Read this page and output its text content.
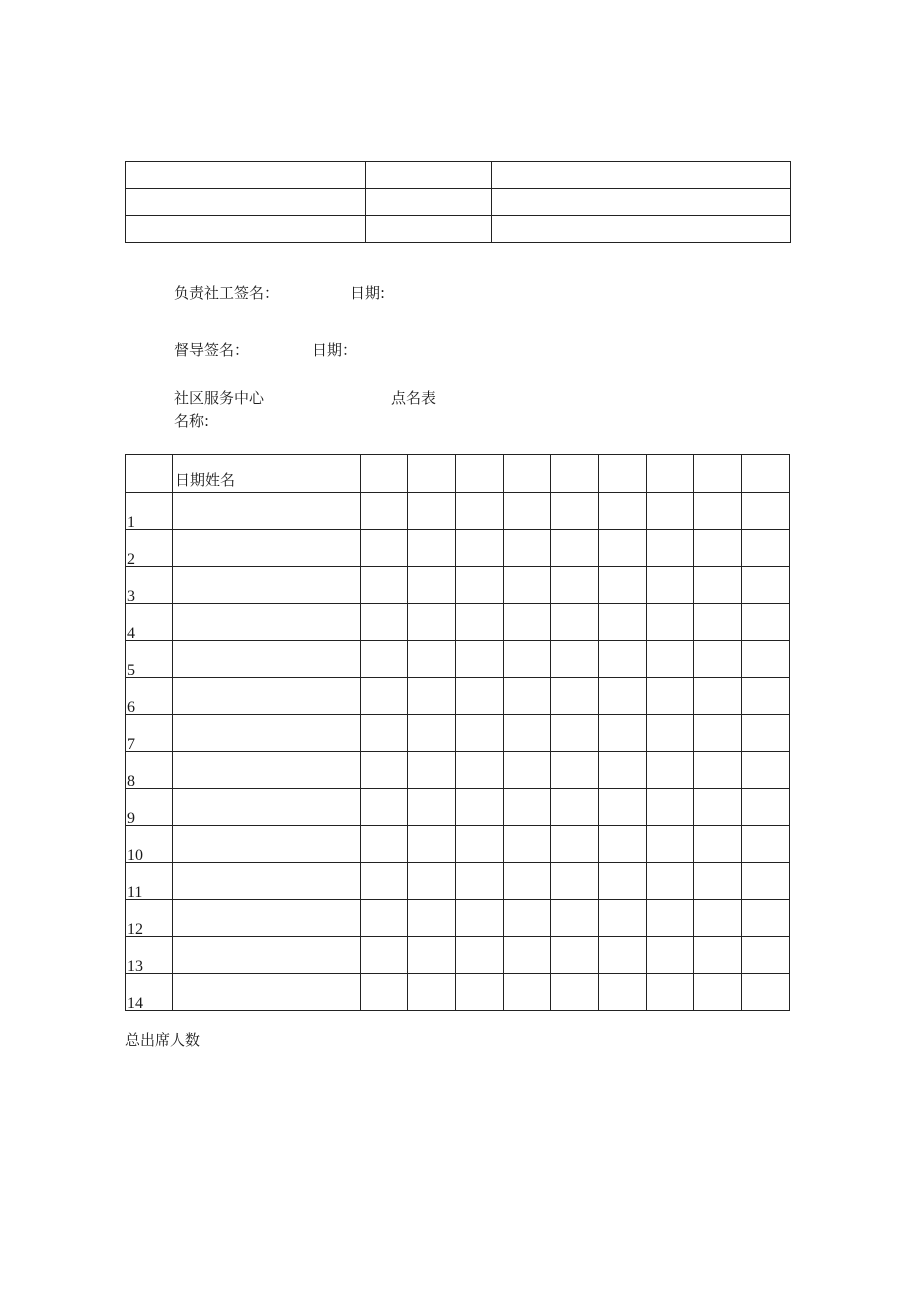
负责社工签名：	日期:
督导签名：	日期：
社区服务中心
名称:
点名表

	日期姓名									

1										

2										

3										

4										

5										

6										

7										

8										

9										

10										

11										

12										

13										

14										

总出席人数
